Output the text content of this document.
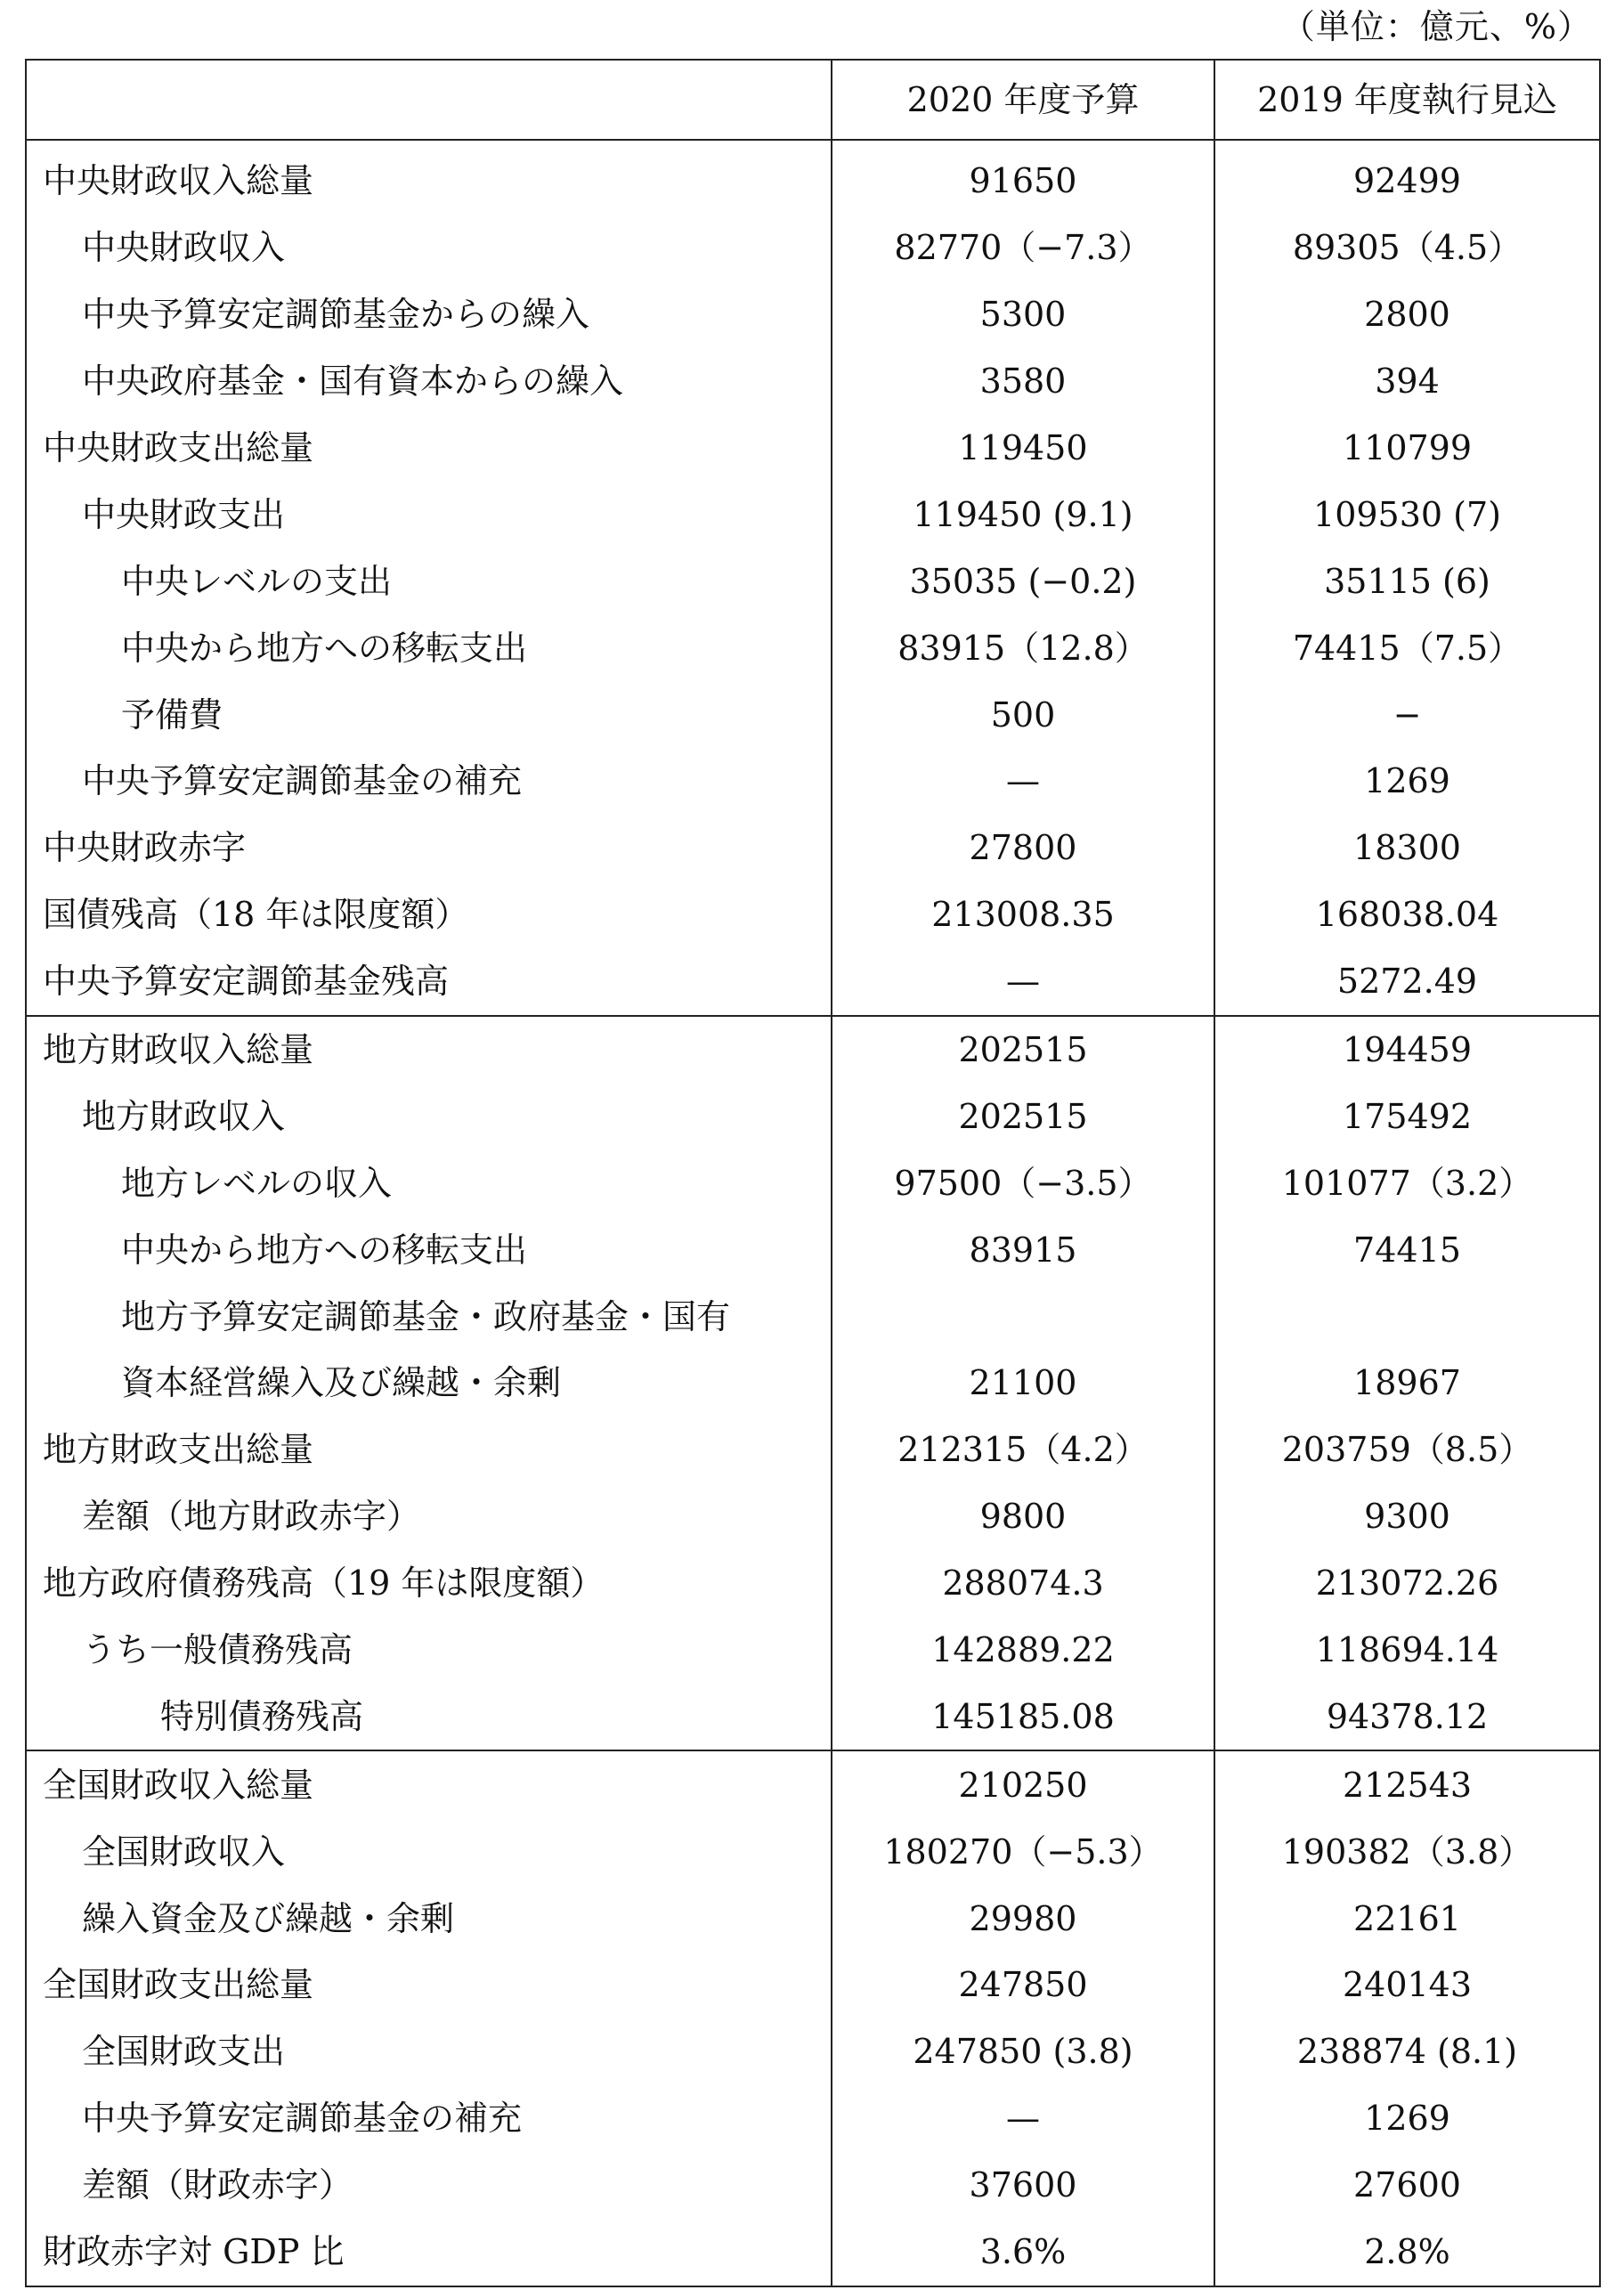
（単位：億元、%）
	2020 年度予算	2019 年度執行見込
中央財政収入総量	91650	92499
中央財政収入	82770（−7.3）	89305（4.5）
中央予算安定調節基金からの繰入	5300	2800
中央政府基金・国有資本からの繰入	3580	394
中央財政支出総量	119450	110799
中央財政支出	119450 (9.1)	109530 (7)
中央レベルの支出	35035 (−0.2)	35115 (6)
中央から地方への移転支出	83915（12.8）	74415（7.5）
予備費	500	−
中央予算安定調節基金の補充	—	1269
中央財政赤字	27800	18300
国債残高（18 年は限度額）	213008.35	168038.04
中央予算安定調節基金残高	—	5272.49
地方財政収入総量	202515	194459
地方財政収入	202515	175492
地方レベルの収入	97500（−3.5）	101077（3.2）
中央から地方への移転支出	83915	74415
地方予算安定調節基金・政府基金・国有		
資本経営繰入及び繰越・余剰	21100	18967
地方財政支出総量	212315（4.2）	203759（8.5）
差額（地方財政赤字）	9800	9300
地方政府債務残高（19 年は限度額）	288074.3	213072.26
うち一般債務残高	142889.22	118694.14
特別債務残高	145185.08	94378.12
全国財政収入総量	210250	212543
全国財政収入	180270（−5.3）	190382（3.8）
繰入資金及び繰越・余剰	29980	22161
全国財政支出総量	247850	240143
全国財政支出	247850 (3.8)	238874 (8.1)
中央予算安定調節基金の補充	—	1269
差額（財政赤字）	37600	27600
財政赤字対 GDP 比	3.6%	2.8%
